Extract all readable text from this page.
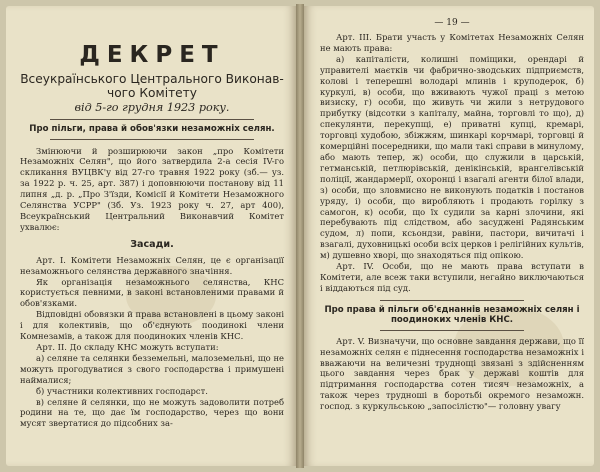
ДЕКРЕТ
Всеукраїнського Центрального Виконав-
чого Комітету
від 5-го грудня 1923 року.
Про пільги, права й обов'язки незаможніх селян.

Змінюючи й розширюючи закон „про Комітети Незаможніх Селян", що його затвердила 2-а сесія IV-го скликання ВУЦВК'у від 27-го травня 1922 року (зб.— уз. за 1922 р. ч. 25, арт. 387) і доповнюючи постанову від 11 липня „д. р. „Про З'їзди, Комісії й Комітети Незаможного Селянства УСРР" (Зб. Уз. 1923 року ч. 27, арт 400), Всеукраїнський Центральний Виконавчий Комітет ухвалює:

Засади.

Арт. І. Комітети Незаможніх Селян, це є організації незаможнього селянства державного значіння.

Як організація незаможнього селянства, КНС користується певними, в законі встановленими правами й обов'язками.

Відповідні обовязки й права встановлені в цьому законі і для колективів, що об'єднують поодинокі члени Комнезамів, а також для поодиноких членів КНС.

Арт. ІІ. До складу КНС можуть вступати:

а) селяне та селянки безземельні, малоземельні, що не можуть прогодуватися з свого господарства і примушені наймалися;

б) участники колективних господарст.

в) селяне й селянки, що не можуть задоволити потреб родини на те, що дає їм господарство, через що вони мусят звертатися до підсобних за-

— 19 —

Арт. ІІІ. Брати участь у Комітетах Незаможніх Селян не мають права:

а) капіталісти, колишні поміщики, орендарі й управителі маєтків чи фабрично-зводських підприємств, колові і теперешні володарі млинів і круподерок, б) куркулі, в) особи, що вживають чужої праці з метою визиску, г) особи, що живуть чи жили з нетрудового прибутку (відсотки з капіталу, майна, торговлі то що), д) спекулянти, перекупщі, е) приватні купці, кремарі, торговці худобою, збіжжям, шинкарі корчмарі, торговці й комерційні посередники, що мали такі справи в минулому, або мають тепер, ж) особи, що служили в царській, гетманській, петлюрівській, денікінській, врангелівській поліції, жандармерії, охоронці і взагалі агенти білої влади, з) особи, що зловмисно не виконують податків і постанов уряду, і) особи, що виробляють і продають горілку з самогон, к) особи, що їх судили за карні злочини, які перебувають під слідством, або засуджені Радянським судом, л) попи, ксьондзи, равіни, пастори, вичитачі і взагалі, духовницькі особи всіх церков і релігійних культів, м) душевно хворі, що знаходяться під опікою.

Арт. IV. Особи, що не мають права вступати в Комітети, але всеж таки вступили, негайно виключаються і віддаються під суд.

Про права й пільги об'єднаннів незаможніх селян і поодиноких членів КНС.

Арт. V. Визначучи, що основне завдання держави, що її незаможніх селян є піднесення господарства незаможніх і вважаючи на величезні труднощі звязані з здійсненням цього завдання через брак у державі коштів для підтримання господарства сотен тисяч незаможніх, а також через трудноші в боротьбі окремого незаможн. господ. з куркульською „запосілістю"— головну увагу
